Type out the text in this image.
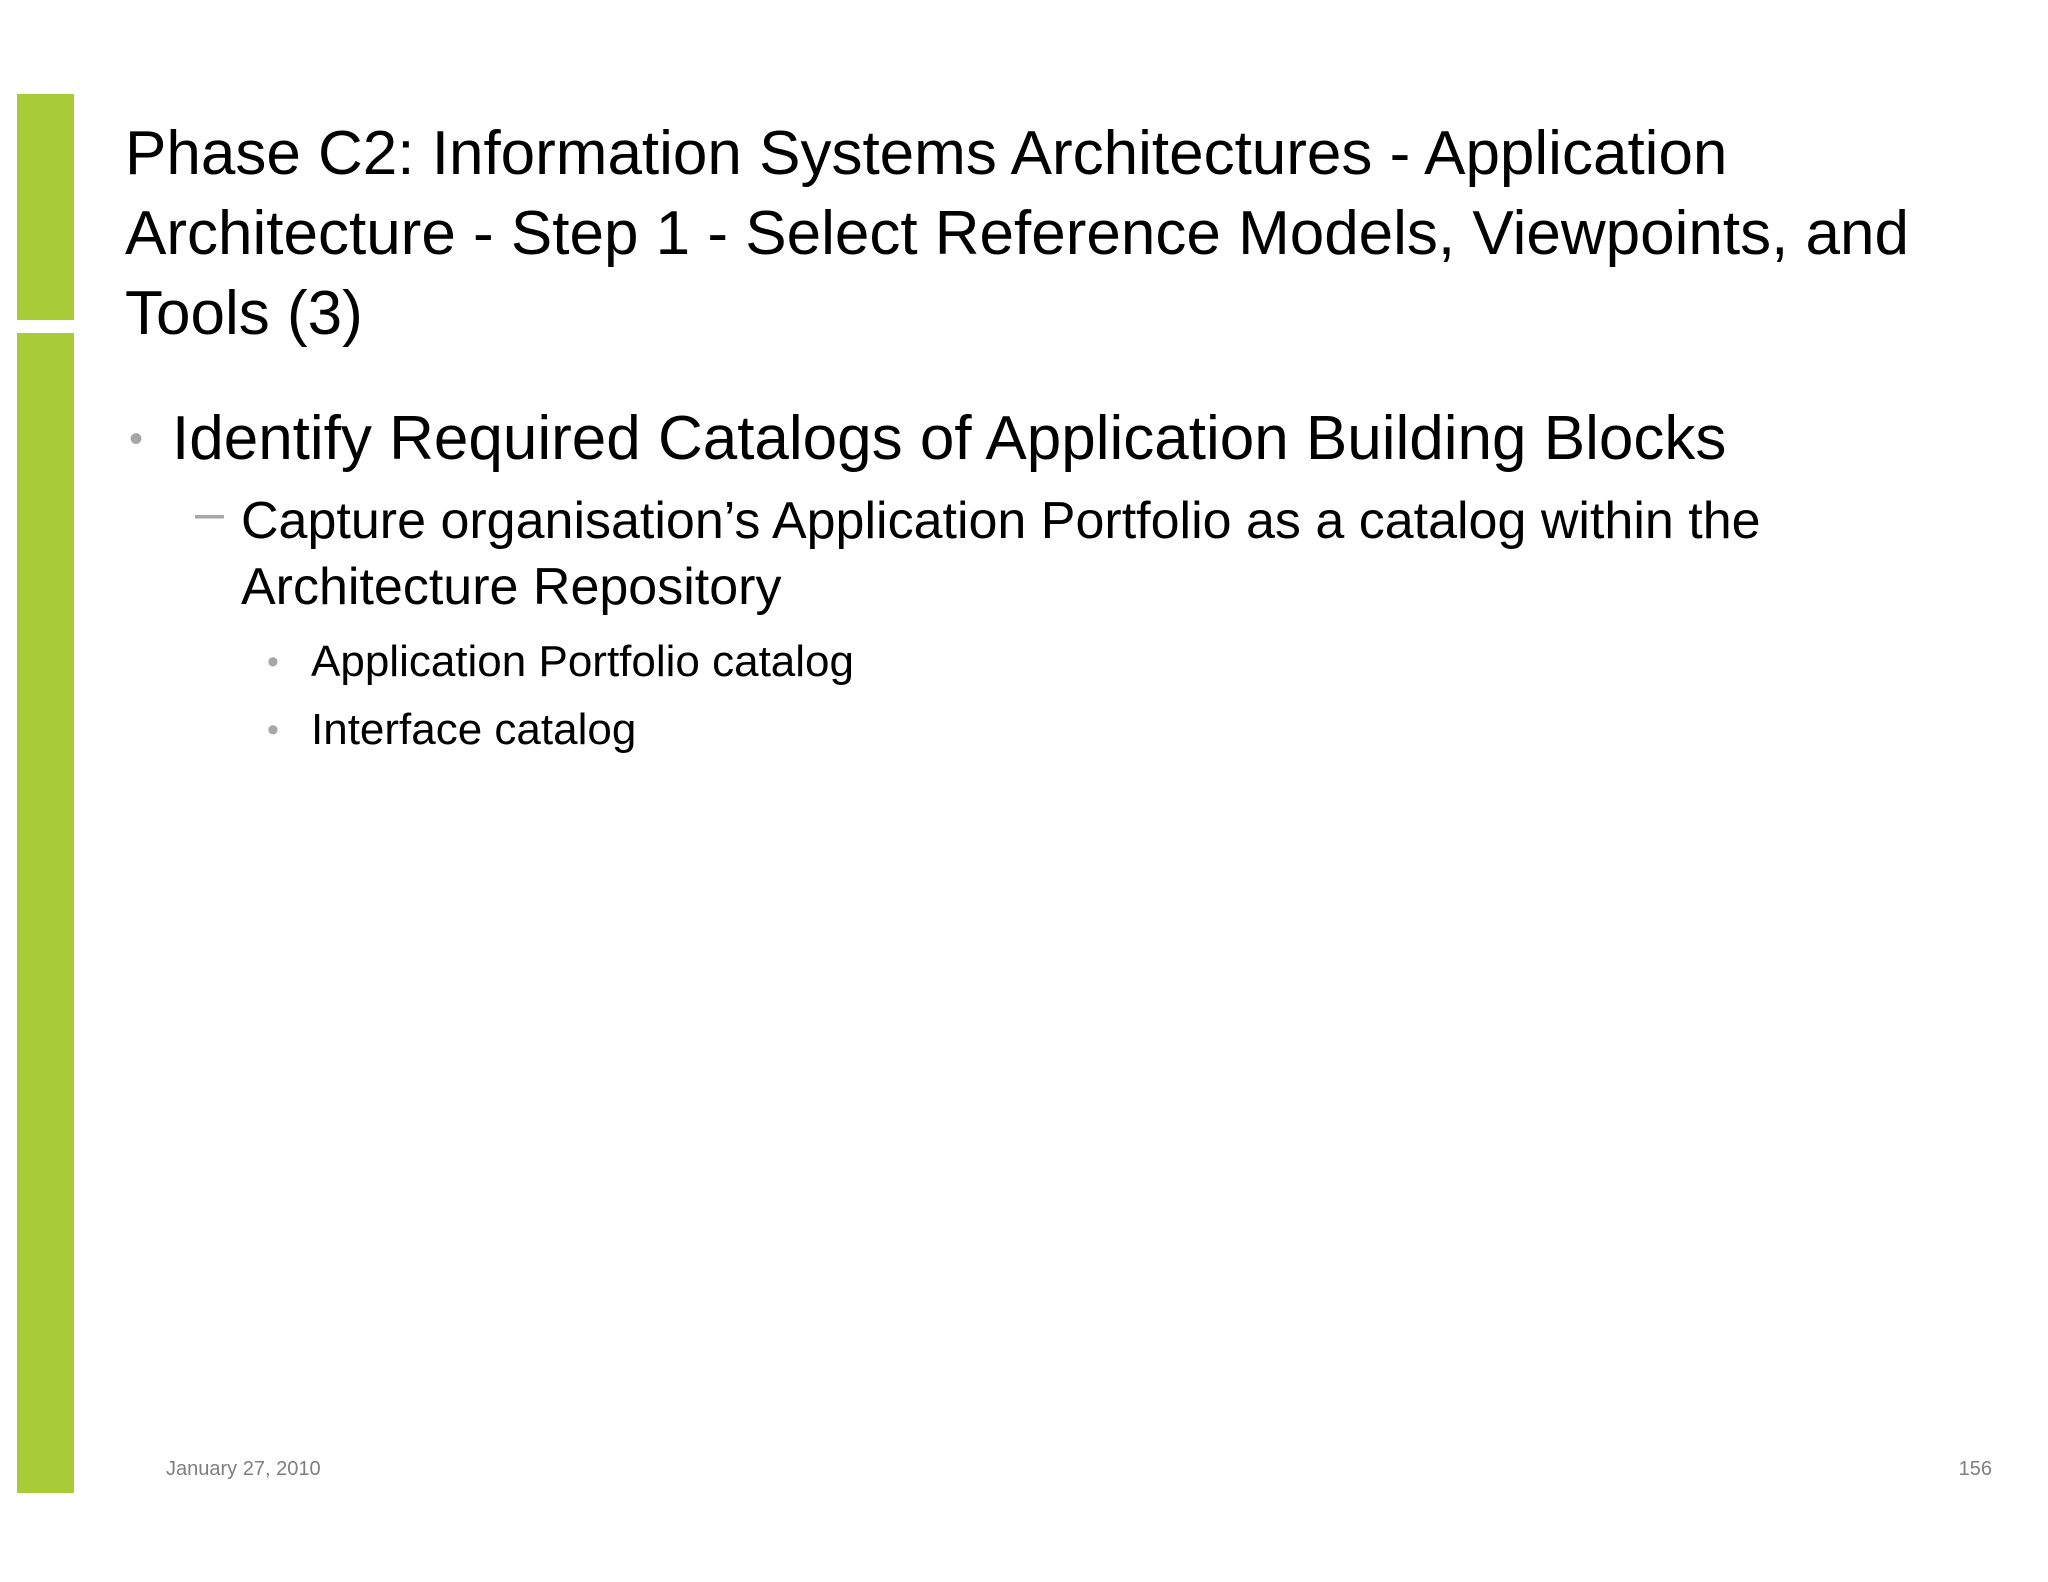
Phase C2: Information Systems Architectures - Application Architecture - Step 1 - Select Reference Models, Viewpoints, and Tools (3)
• Identify Required Catalogs of Application Building Blocks
– Capture organisation’s Application Portfolio as a catalog within the Architecture Repository
• Application Portfolio catalog
• Interface catalog
January 27, 2010	156
